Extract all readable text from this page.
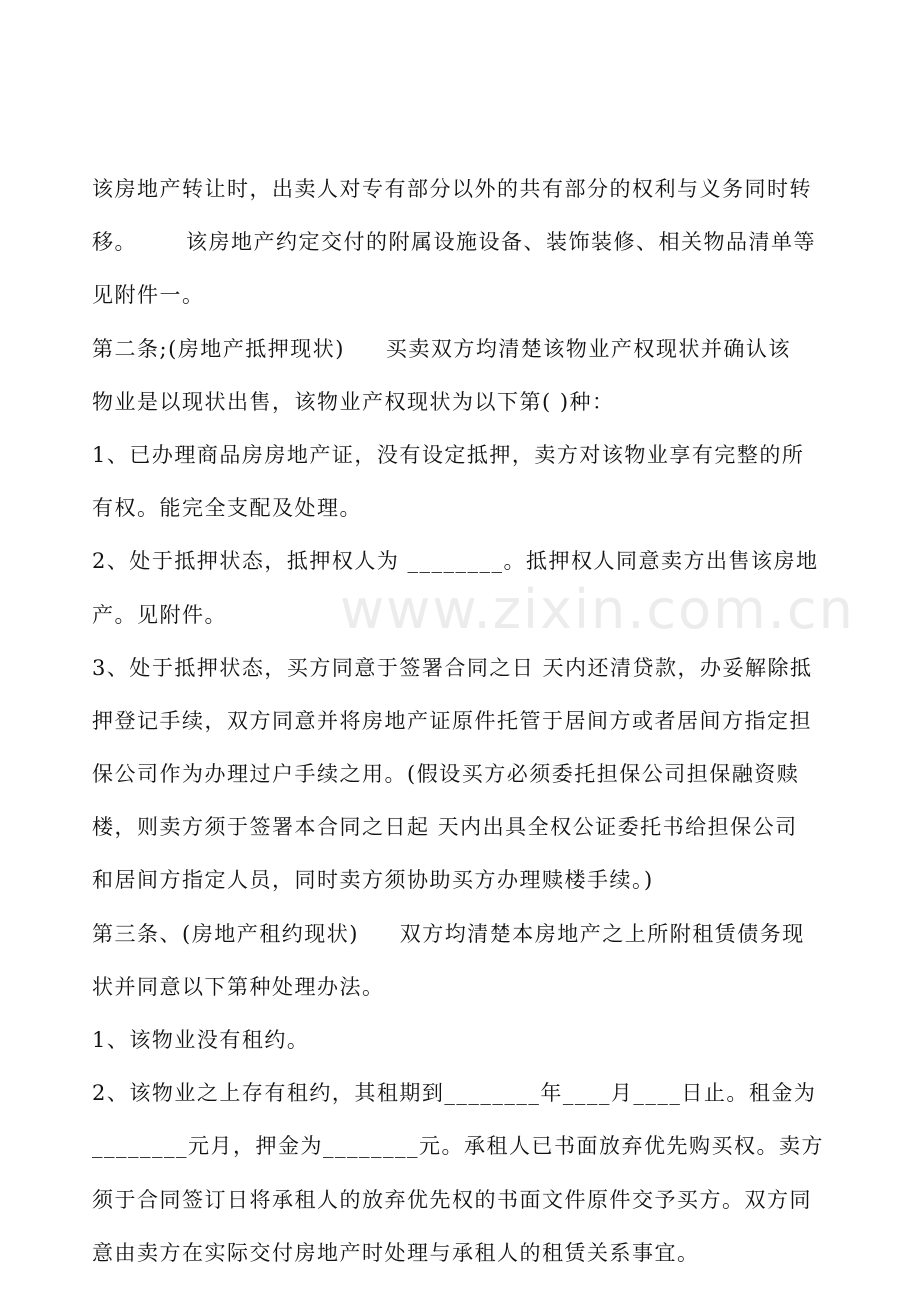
该房地产转让时，出卖人对专有部分以外的共有部分的权利与义务同时转
移。      该房地产约定交付的附属设施设备、装饰装修、相关物品清单等
见附件一。
第二条;(房地产抵押现状)     买卖双方均清楚该物业产权现状并确认该
物业是以现状出售，该物业产权现状为以下第( )种：
1、已办理商品房房地产证，没有设定抵押，卖方对该物业享有完整的所
有权。能完全支配及处理。
2、处于抵押状态，抵押权人为 ________。抵押权人同意卖方出售该房地
产。见附件。
3、处于抵押状态，买方同意于签署合同之日 天内还清贷款，办妥解除抵
押登记手续，双方同意并将房地产证原件托管于居间方或者居间方指定担
保公司作为办理过户手续之用。(假设买方必须委托担保公司担保融资赎
楼，则卖方须于签署本合同之日起 天内出具全权公证委托书给担保公司
和居间方指定人员，同时卖方须协助买方办理赎楼手续。)
第三条、(房地产租约现状)     双方均清楚本房地产之上所附租赁债务现
状并同意以下第种处理办法。
1、该物业没有租约。
2、该物业之上存有租约，其租期到________年____月____日止。租金为
________元月，押金为________元。承租人已书面放弃优先购买权。卖方
须于合同签订日将承租人的放弃优先权的书面文件原件交予买方。双方同
意由卖方在实际交付房地产时处理与承租人的租赁关系事宜。
www.zixin.com.cn
